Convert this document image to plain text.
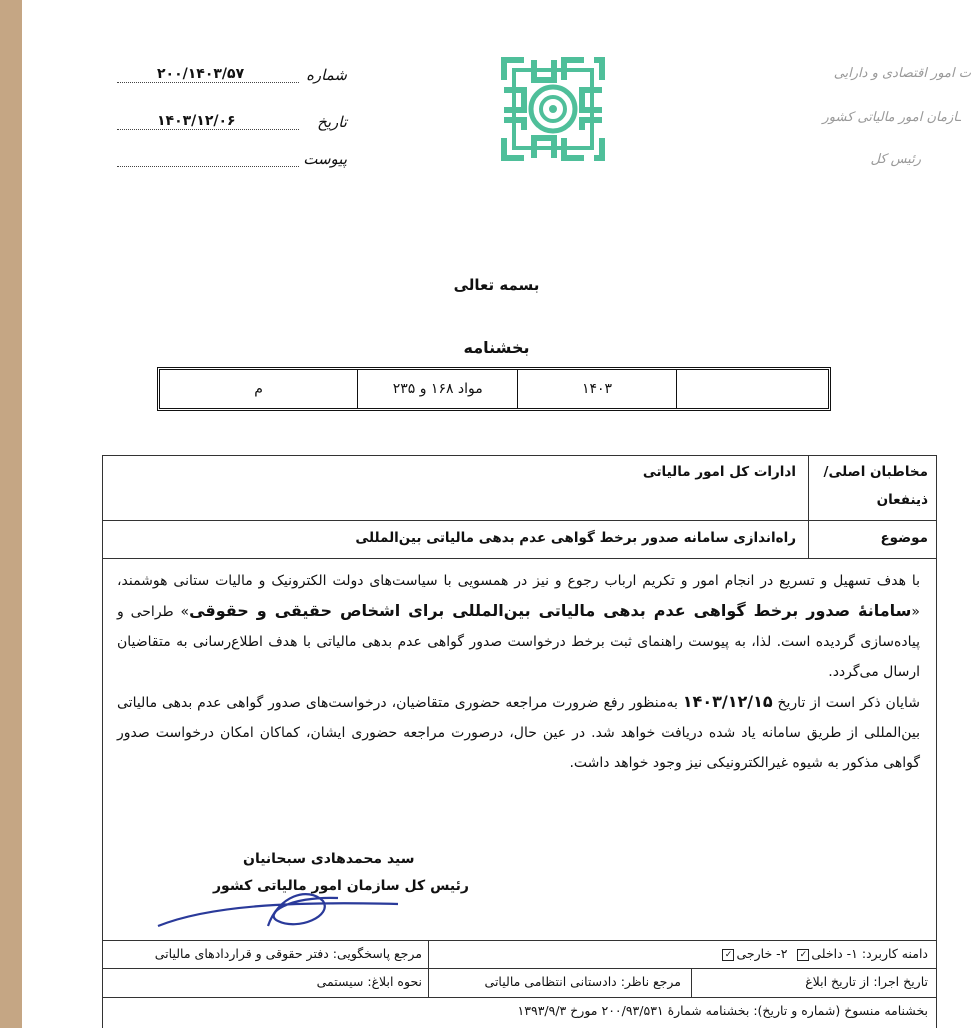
شماره
۲۰۰/۱۴۰۳/۵۷
تاریخ
۱۴۰۳/۱۲/۰۶
پیوست
ت امور اقتصادی و دارایی
ـازمان امور مالیاتی کشور
رئیس کل
بسمه تعالی
بخشنامه
۱۴۰۳
مواد ۱۶۸ و ۲۳۵
م
مخاطبان اصلی/
ذینفعان
ادارات کل امور مالیاتی
موضوع
راه‌اندازی سامانه صدور برخط گواهی عدم بدهی مالیاتی بین‌المللی

با هدف تسهیل و تسریع در انجام امور و تکریم ارباب رجوع و نیز در همسویی با سیاست‌های دولت الکترونیک و مالیات ستانی هوشمند، «سامانهٔ صدور برخط گواهی عدم بدهی مالیاتی بین‌المللی برای اشخاص حقیقی و حقوقی» طراحی و پیاده‌سازی گردیده است. لذا، به پیوست راهنمای ثبت برخط درخواست صدور گواهی عدم بدهی مالیاتی با هدف اطلاع‌رسانی به متقاضیان ارسال می‌گردد.

شایان ذکر است از تاریخ ۱۴۰۳/۱۲/۱۵ به‌منظور رفع ضرورت مراجعه حضوری متقاضیان، درخواست‌های صدور گواهی عدم بدهی مالیاتی بین‌المللی از طریق سامانه یاد شده دریافت خواهد شد. در عین حال، درصورت مراجعه حضوری ایشان، کماکان امکان درخواست صدور گواهی مذکور به شیوه غیرالکترونیکی نیز وجود خواهد داشت.

سید محمدهادی سبحانیان
رئیس کل سازمان امور مالیاتی کشور
دامنه کاربرد: ۱- داخلی✓  ۲- خارجی✓
مرجع پاسخگویی: دفتر حقوقی و قراردادهای مالیاتی
تاریخ اجرا: از تاریخ ابلاغ
مرجع ناظر: دادستانی انتظامی مالیاتی
نحوه ابلاغ: سیستمی
بخشنامه منسوخ (شماره و تاریخ): بخشنامه شمارهٔ ۲۰۰/۹۳/۵۳۱ مورخ ۱۳۹۳/۹/۳
